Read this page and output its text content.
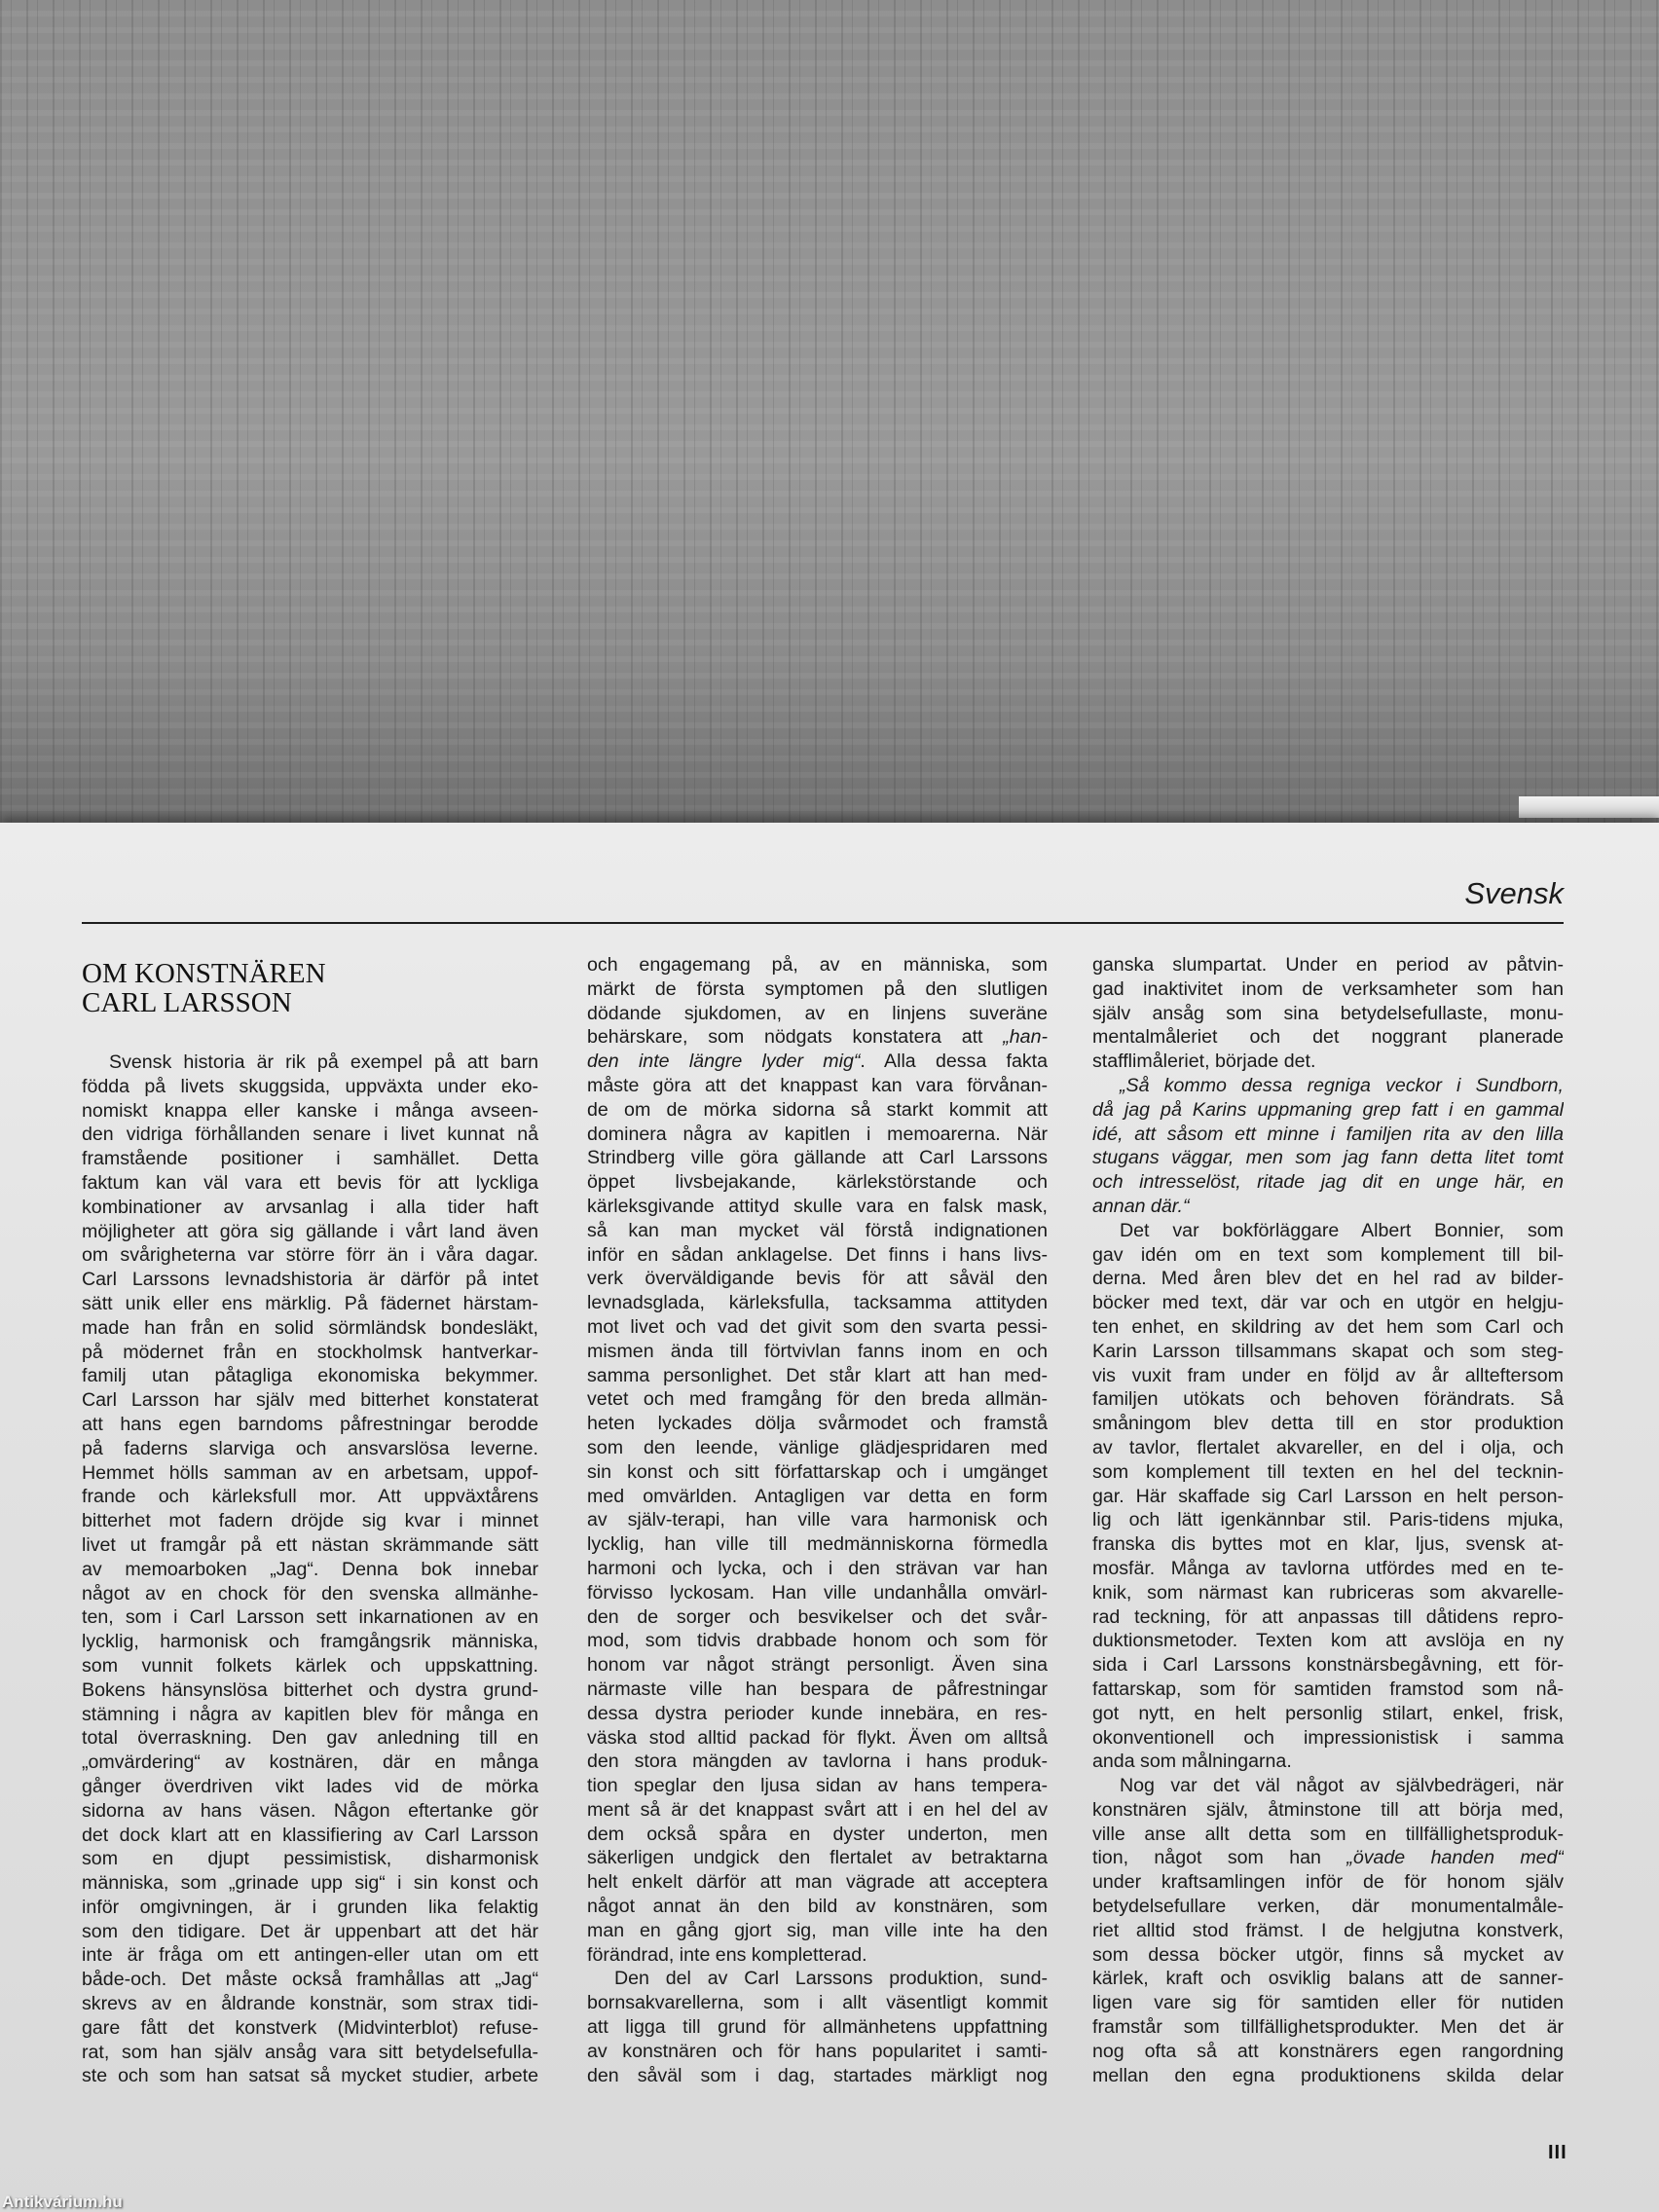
Svensk
OM KONSTNÄREN
CARL LARSSON
Svensk historia är rik på exempel på att barn
födda på livets skuggsida, uppväxta under eko-
nomiskt knappa eller kanske i många avseen-
den vidriga förhållanden senare i livet kunnat nå
framstående positioner i samhället. Detta
faktum kan väl vara ett bevis för att lyckliga
kombinationer av arvsanlag i alla tider haft
möjligheter att göra sig gällande i vårt land även
om svårigheterna var större förr än i våra dagar.
Carl Larssons levnadshistoria är därför på intet
sätt unik eller ens märklig. På fädernet härstam-
made han från en solid sörmländsk bondesläkt,
på mödernet från en stockholmsk hantverkar-
familj utan påtagliga ekonomiska bekymmer.
Carl Larsson har själv med bitterhet konstaterat
att hans egen barndoms påfrestningar berodde
på faderns slarviga och ansvarslösa leverne.
Hemmet hölls samman av en arbetsam, uppof-
frande och kärleksfull mor. Att uppväxtårens
bitterhet mot fadern dröjde sig kvar i minnet
livet ut framgår på ett nästan skrämmande sätt
av memoarboken „Jag“. Denna bok innebar
något av en chock för den svenska allmänhe-
ten, som i Carl Larsson sett inkarnationen av en
lycklig, harmonisk och framgångsrik människa,
som vunnit folkets kärlek och uppskattning.
Bokens hänsynslösa bitterhet och dystra grund-
stämning i några av kapitlen blev för många en
total överraskning. Den gav anledning till en
„omvärdering“ av kostnären, där en många
gånger överdriven vikt lades vid de mörka
sidorna av hans väsen. Någon eftertanke gör
det dock klart att en klassifiering av Carl Larsson
som en djupt pessimistisk, disharmonisk
människa, som „grinade upp sig“ i sin konst och
inför omgivningen, är i grunden lika felaktig
som den tidigare. Det är uppenbart att det här
inte är fråga om ett antingen-eller utan om ett
både-och. Det måste också framhållas att „Jag“
skrevs av en åldrande konstnär, som strax tidi-
gare fått det konstverk (Midvinterblot) refuse-
rat, som han själv ansåg vara sitt betydelsefulla-
ste och som han satsat så mycket studier, arbete
och engagemang på, av en människa, som
märkt de första symptomen på den slutligen
dödande sjukdomen, av en linjens suveräne
behärskare, som nödgats konstatera att „han-
den inte längre lyder mig“. Alla dessa fakta
måste göra att det knappast kan vara förvånan-
de om de mörka sidorna så starkt kommit att
dominera några av kapitlen i memoarerna. När
Strindberg ville göra gällande att Carl Larssons
öppet livsbejakande, kärlekstörstande och
kärleksgivande attityd skulle vara en falsk mask,
så kan man mycket väl förstå indignationen
inför en sådan anklagelse. Det finns i hans livs-
verk överväldigande bevis för att såväl den
levnadsglada, kärleksfulla, tacksamma attityden
mot livet och vad det givit som den svarta pessi-
mismen ända till förtvivlan fanns inom en och
samma personlighet. Det står klart att han med-
vetet och med framgång för den breda allmän-
heten lyckades dölja svårmodet och framstå
som den leende, vänlige glädjespridaren med
sin konst och sitt författarskap och i umgänget
med omvärlden. Antagligen var detta en form
av själv-terapi, han ville vara harmonisk och
lycklig, han ville till medmänniskorna förmedla
harmoni och lycka, och i den strävan var han
förvisso lyckosam. Han ville undanhålla omvärl-
den de sorger och besvikelser och det svår-
mod, som tidvis drabbade honom och som för
honom var något strängt personligt. Även sina
närmaste ville han bespara de påfrestningar
dessa dystra perioder kunde innebära, en res-
väska stod alltid packad för flykt. Även om alltså
den stora mängden av tavlorna i hans produk-
tion speglar den ljusa sidan av hans tempera-
ment så är det knappast svårt att i en hel del av
dem också spåra en dyster underton, men
säkerligen undgick den flertalet av betraktarna
helt enkelt därför att man vägrade att acceptera
något annat än den bild av konstnären, som
man en gång gjort sig, man ville inte ha den
förändrad, inte ens kompletterad.
Den del av Carl Larssons produktion, sund-
bornsakvarellerna, som i allt väsentligt kommit
att ligga till grund för allmänhetens uppfattning
av konstnären och för hans popularitet i samti-
den såväl som i dag, startades märkligt nog
ganska slumpartat. Under en period av påtvin-
gad inaktivitet inom de verksamheter som han
själv ansåg som sina betydelsefullaste, monu-
mentalmåleriet och det noggrant planerade
stafflimåleriet, började det.
„Så kommo dessa regniga veckor i Sundborn,
då jag på Karins uppmaning grep fatt i en gammal
idé, att såsom ett minne i familjen rita av den lilla
stugans väggar, men som jag fann detta litet tomt
och intresselöst, ritade jag dit en unge här, en
annan där.“
Det var bokförläggare Albert Bonnier, som
gav idén om en text som komplement till bil-
derna. Med åren blev det en hel rad av bilder-
böcker med text, där var och en utgör en helgju-
ten enhet, en skildring av det hem som Carl och
Karin Larsson tillsammans skapat och som steg-
vis vuxit fram under en följd av år allteftersom
familjen utökats och behoven förändrats. Så
småningom blev detta till en stor produktion
av tavlor, flertalet akvareller, en del i olja, och
som komplement till texten en hel del tecknin-
gar. Här skaffade sig Carl Larsson en helt person-
lig och lätt igenkännbar stil. Paris-tidens mjuka,
franska dis byttes mot en klar, ljus, svensk at-
mosfär. Många av tavlorna utfördes med en te-
knik, som närmast kan rubriceras som akvarelle-
rad teckning, för att anpassas till dåtidens repro-
duktionsmetoder. Texten kom att avslöja en ny
sida i Carl Larssons konstnärsbegåvning, ett för-
fattarskap, som för samtiden framstod som nå-
got nytt, en helt personlig stilart, enkel, frisk,
okonventionell och impressionistisk i samma
anda som målningarna.
Nog var det väl något av självbedrägeri, när
konstnären själv, åtminstone till att börja med,
ville anse allt detta som en tillfällighetsproduk-
tion, något som han „övade handen med“
under kraftsamlingen inför de för honom själv
betydelsefullare verken, där monumentalmåle-
riet alltid stod främst. I de helgjutna konstverk,
som dessa böcker utgör, finns så mycket av
kärlek, kraft och osviklig balans att de sanner-
ligen vare sig för samtiden eller för nutiden
framstår som tillfällighetsprodukter. Men det är
nog ofta så att konstnärers egen rangordning
mellan den egna produktionens skilda delar
III
Antikvárium.hu
